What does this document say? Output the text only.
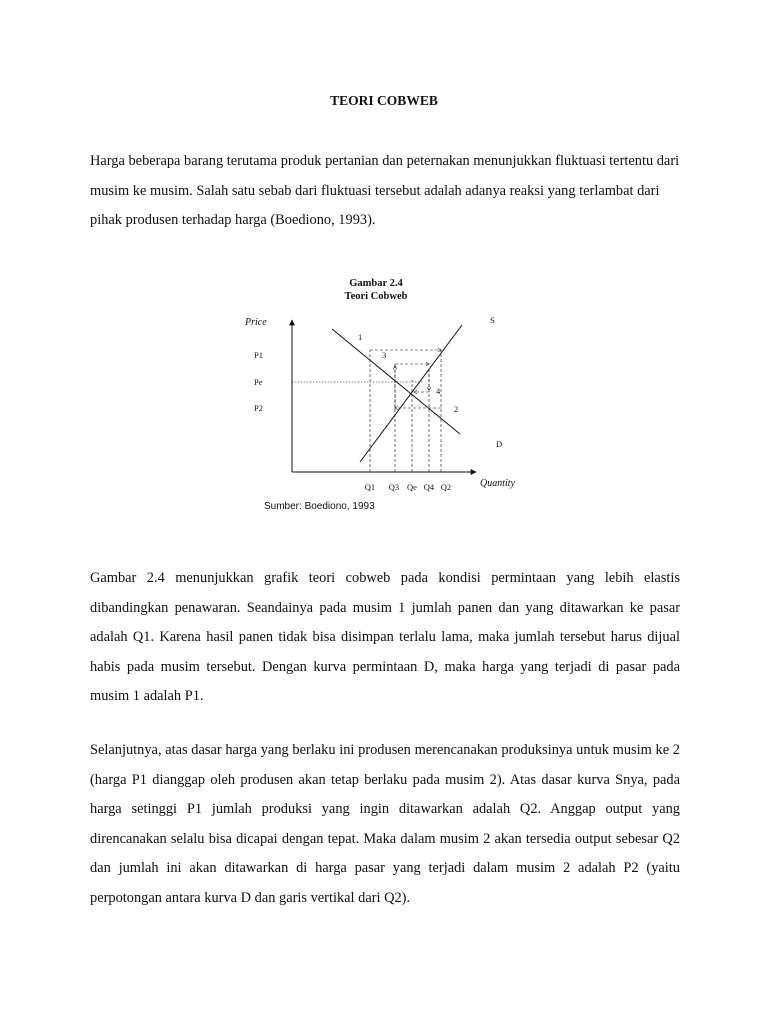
TEORI COBWEB

Harga beberapa barang terutama produk pertanian dan peternakan menunjukkan fluktuasi tertentu dari musim ke musim. Salah satu sebab dari fluktuasi tersebut adalah adanya reaksi yang terlambat dari pihak produsen terhadap harga (Boediono, 1993).

Gambar 2.4
Teori Cobweb
Price
Quantity
S
D
1
2
3
4
P1
Pe
P2
Q1 Q3 Qe Q4 Q2
Sumber: Boediono, 1993

Gambar 2.4 menunjukkan grafik teori cobweb pada kondisi permintaan yang lebih elastis dibandingkan penawaran. Seandainya pada musim 1 jumlah panen dan yang ditawarkan ke pasar adalah Q1. Karena hasil panen tidak bisa disimpan terlalu lama, maka jumlah tersebut harus dijual habis pada musim tersebut. Dengan kurva permintaan D, maka harga yang terjadi di pasar pada musim 1 adalah P1.

Selanjutnya, atas dasar harga yang berlaku ini produsen merencanakan produksinya untuk musim ke 2 (harga P1 dianggap oleh produsen akan tetap berlaku pada musim 2). Atas dasar kurva Snya, pada harga setinggi P1 jumlah produksi yang ingin ditawarkan adalah Q2. Anggap output yang direncanakan selalu bisa dicapai dengan tepat. Maka dalam musim 2 akan tersedia output sebesar Q2 dan jumlah ini akan ditawarkan di harga pasar yang terjadi dalam musim 2 adalah P2 (yaitu perpotongan antara kurva D dan garis vertikal dari Q2).
